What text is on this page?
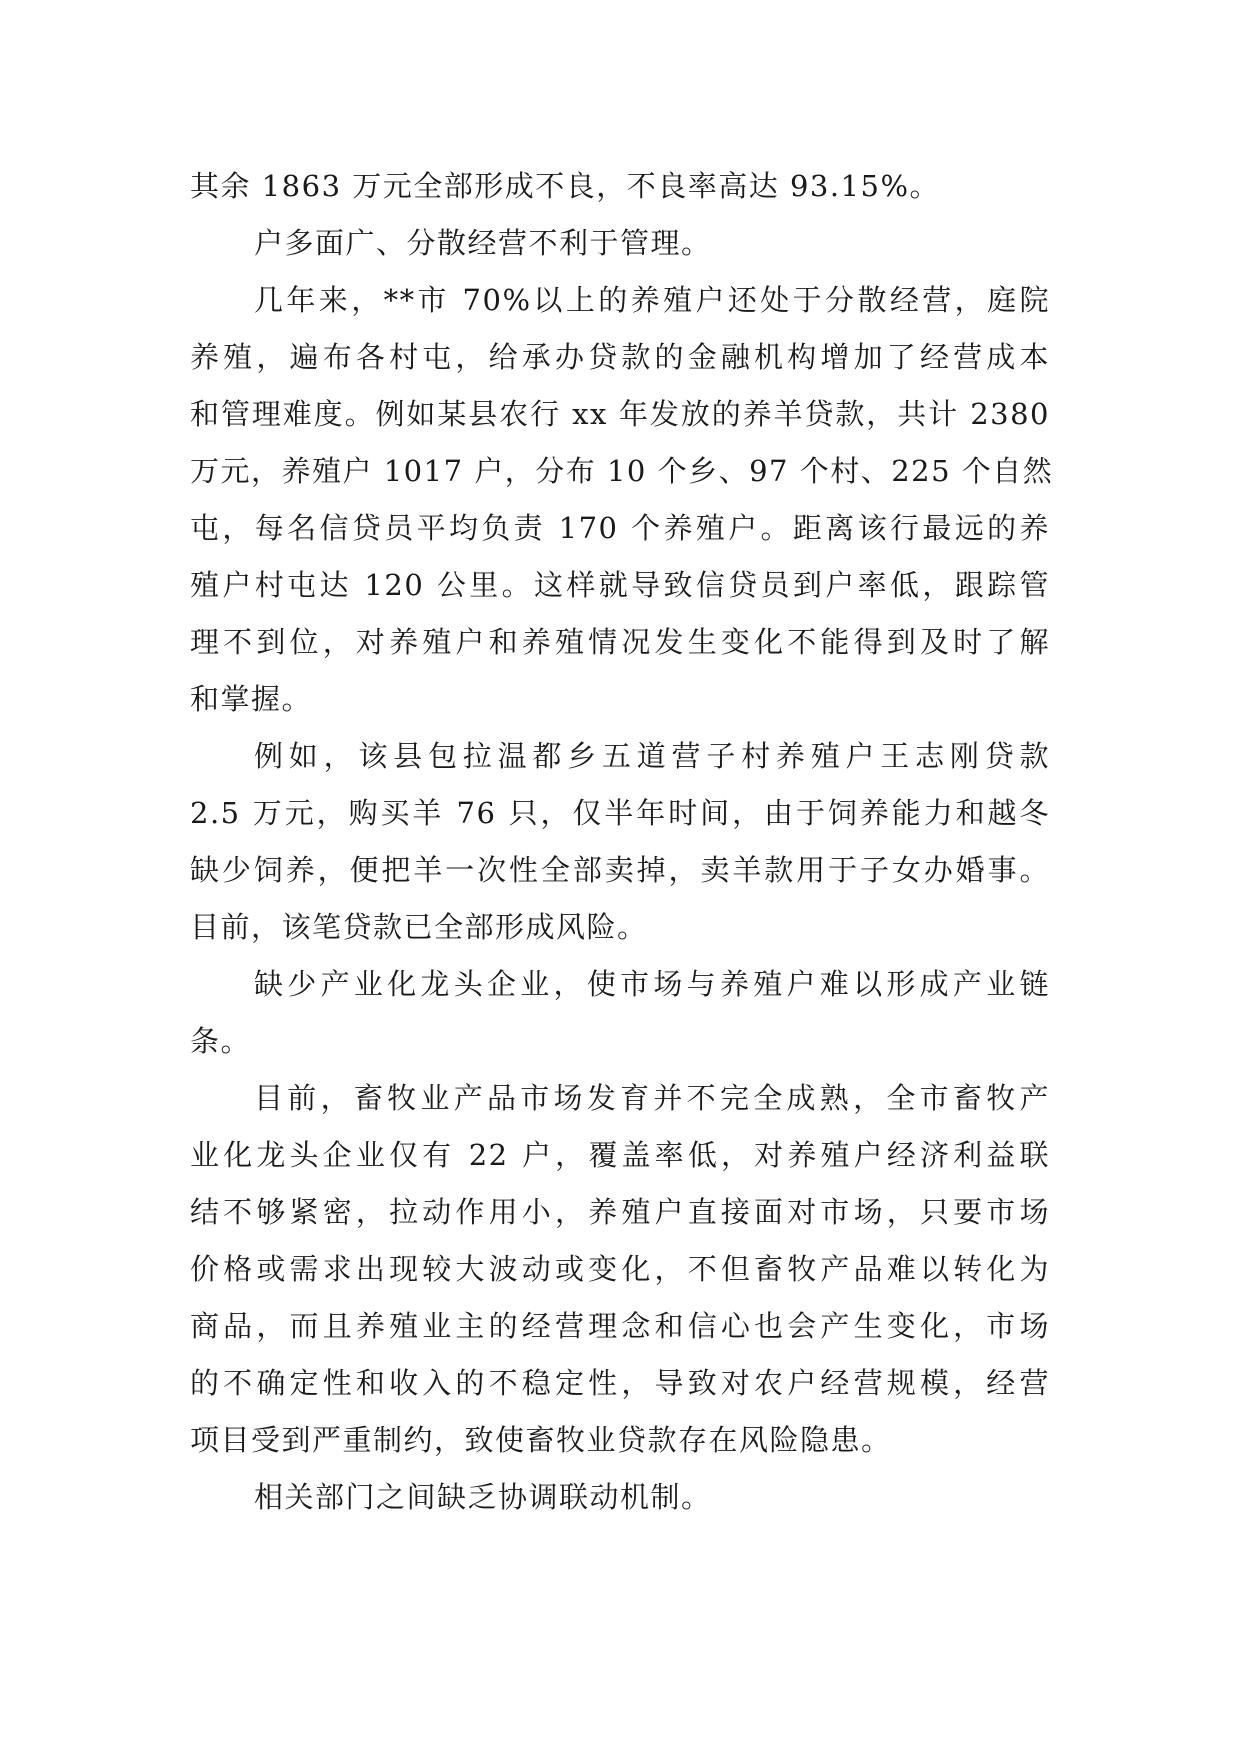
其余 1863 万元全部形成不良，不良率高达 93.15%。
户多面广、分散经营不利于管理。
几年来，**市 70%以上的养殖户还处于分散经营，庭院
养殖，遍布各村屯，给承办贷款的金融机构增加了经营成本
和管理难度。例如某县农行 xx 年发放的养羊贷款，共计 2380
万元，养殖户 1017 户，分布 10 个乡、97 个村、225 个自然
屯，每名信贷员平均负责 170 个养殖户。距离该行最远的养
殖户村屯达 120 公里。这样就导致信贷员到户率低，跟踪管
理不到位，对养殖户和养殖情况发生变化不能得到及时了解
和掌握。
例如，该县包拉温都乡五道营子村养殖户王志刚贷款
2.5 万元，购买羊 76 只，仅半年时间，由于饲养能力和越冬
缺少饲养，便把羊一次性全部卖掉，卖羊款用于子女办婚事。
目前，该笔贷款已全部形成风险。
缺少产业化龙头企业，使市场与养殖户难以形成产业链
条。
目前，畜牧业产品市场发育并不完全成熟，全市畜牧产
业化龙头企业仅有 22 户，覆盖率低，对养殖户经济利益联
结不够紧密，拉动作用小，养殖户直接面对市场，只要市场
价格或需求出现较大波动或变化，不但畜牧产品难以转化为
商品，而且养殖业主的经营理念和信心也会产生变化，市场
的不确定性和收入的不稳定性，导致对农户经营规模，经营
项目受到严重制约，致使畜牧业贷款存在风险隐患。
相关部门之间缺乏协调联动机制。
